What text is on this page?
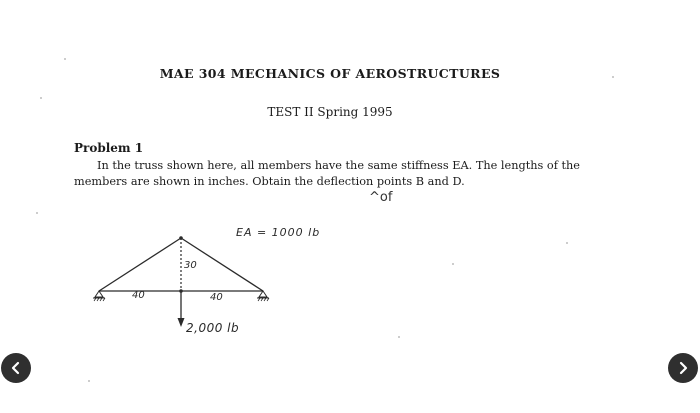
MAE 304 MECHANICS OF AEROSTRUCTURES
TEST II Spring 1995
Problem 1
In the truss shown here, all members have the same stiffness EA. The lengths of the members are shown in inches. Obtain the deflection points B and D.
^of
EA = 1000 lb
30
40	40
2,000 lb
